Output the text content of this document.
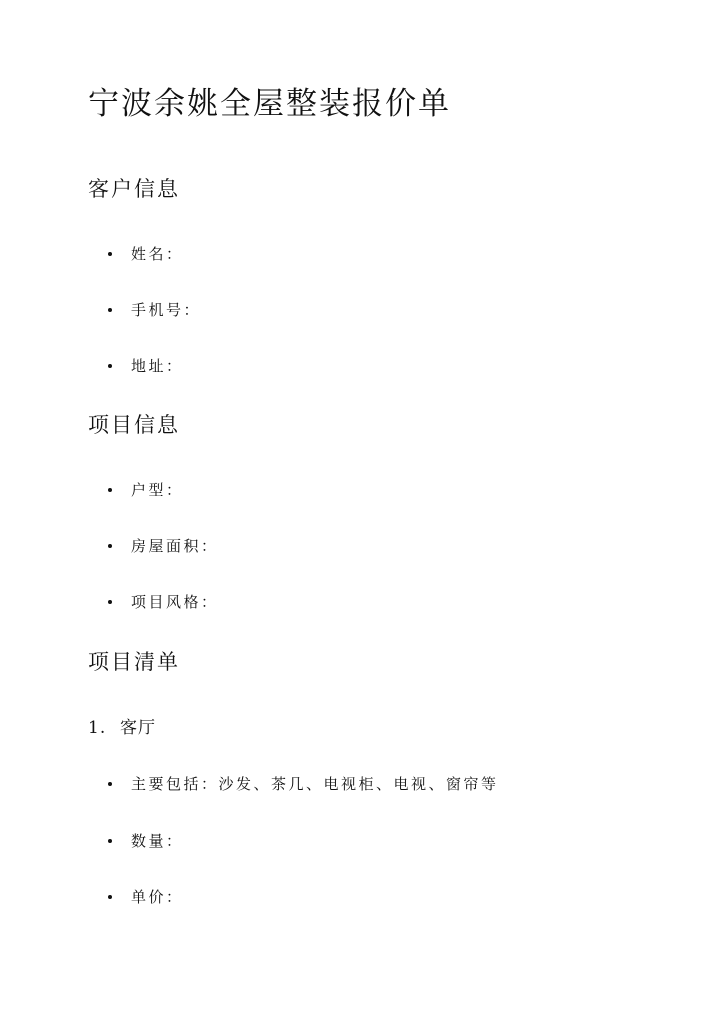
宁波余姚全屋整装报价单
客户信息
姓名：
手机号：
地址：
项目信息
户型：
房屋面积：
项目风格：
项目清单
1. 客厅
主要包括：沙发、茶几、电视柜、电视、窗帘等
数量：
单价：
